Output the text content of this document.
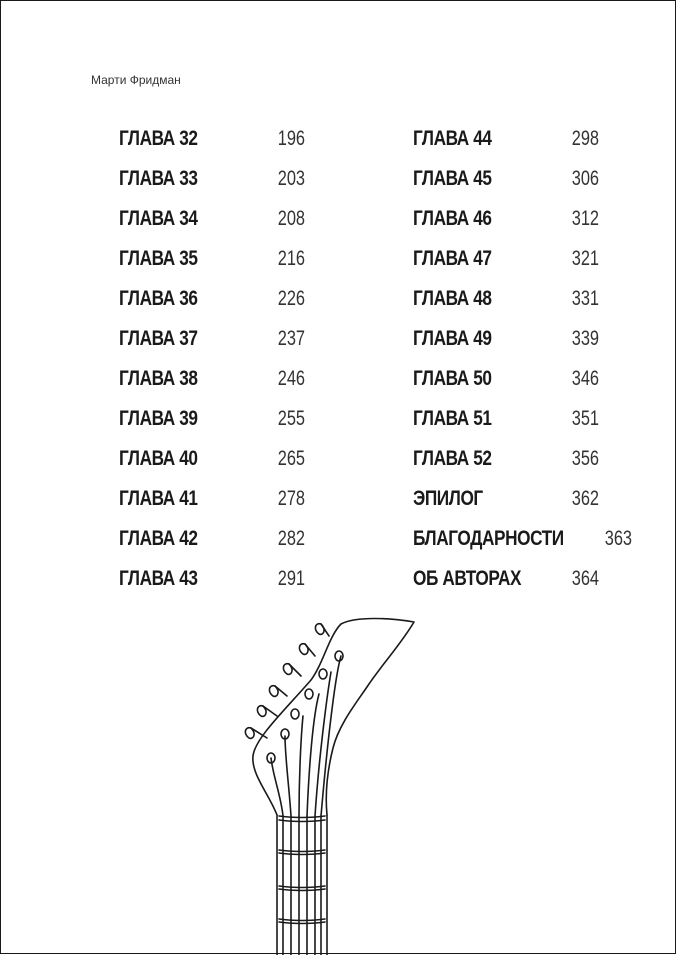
Марти Фридман
ГЛАВА 32	196
ГЛАВА 33	203
ГЛАВА 34	208
ГЛАВА 35	216
ГЛАВА 36	226
ГЛАВА 37	237
ГЛАВА 38	246
ГЛАВА 39	255
ГЛАВА 40	265
ГЛАВА 41	278
ГЛАВА 42	282
ГЛАВА 43	291
ГЛАВА 44	298
ГЛАВА 45	306
ГЛАВА 46	312
ГЛАВА 47	321
ГЛАВА 48	331
ГЛАВА 49	339
ГЛАВА 50	346
ГЛАВА 51	351
ГЛАВА 52	356
ЭПИЛОГ	362
БЛАГОДАРНОСТИ 363
ОБ АВТОРАХ 364
